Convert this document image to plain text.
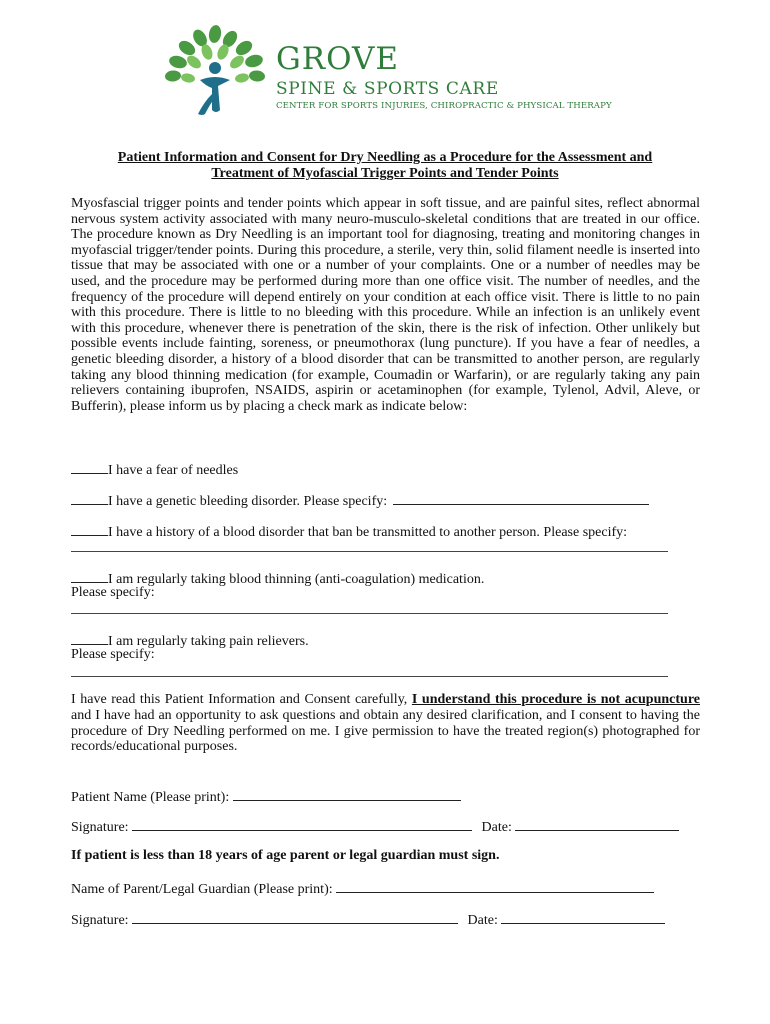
GROVE
SPINE & SPORTS CARE
CENTER FOR SPORTS INJURIES, CHIROPRACTIC & PHYSICAL THERAPY
Patient Information and Consent for Dry Needling as a Procedure for the Assessment and
Treatment of Myofascial Trigger Points and Tender Points

Myosfascial trigger points and tender points which appear in soft tissue, and are painful sites, reflect abnormal nervous system activity associated with many neuro-musculo-skeletal conditions that are treated in our office. The procedure known as Dry Needling is an important tool for diagnosing, treating and monitoring changes in myofascial trigger/tender points. During this procedure, a sterile, very thin, solid filament needle is inserted into tissue that may be associated with one or a number of your complaints. One or a number of needles may be used, and the procedure may be performed during more than one office visit. The number of needles, and the frequency of the procedure will depend entirely on your condition at each office visit. There is little to no pain with this procedure. There is little to no bleeding with this procedure. While an infection is an unlikely event with this procedure, whenever there is penetration of the skin, there is the risk of infection. Other unlikely but possible events include fainting, soreness, or pneumothorax (lung puncture). If you have a fear of needles, a genetic bleeding disorder, a history of a blood disorder that can be transmitted to another person, are regularly taking any blood thinning medication (for example, Coumadin or Warfarin), or are regularly taking any pain relievers containing ibuprofen, NSAIDS, aspirin or acetaminophen (for example, Tylenol, Advil, Aleve, or Bufferin), please inform us by placing a check mark as indicate below:

I have a fear of needles
I have a genetic bleeding disorder. Please specify:
I have a history of a blood disorder that ban be transmitted to another person. Please specify:
I am regularly taking blood thinning (anti-coagulation) medication.
Please specify:
I am regularly taking pain relievers.
Please specify:

I have read this Patient Information and Consent carefully, I understand this procedure is not acupuncture and I have had an opportunity to ask questions and obtain any desired clarification, and I consent to having the procedure of Dry Needling performed on me. I give permission to have the treated region(s) photographed for records/educational purposes.

Patient Name (Please print):
Signature:	Date:
If patient is less than 18 years of age parent or legal guardian must sign.
Name of Parent/Legal Guardian (Please print):
Signature:	Date:
